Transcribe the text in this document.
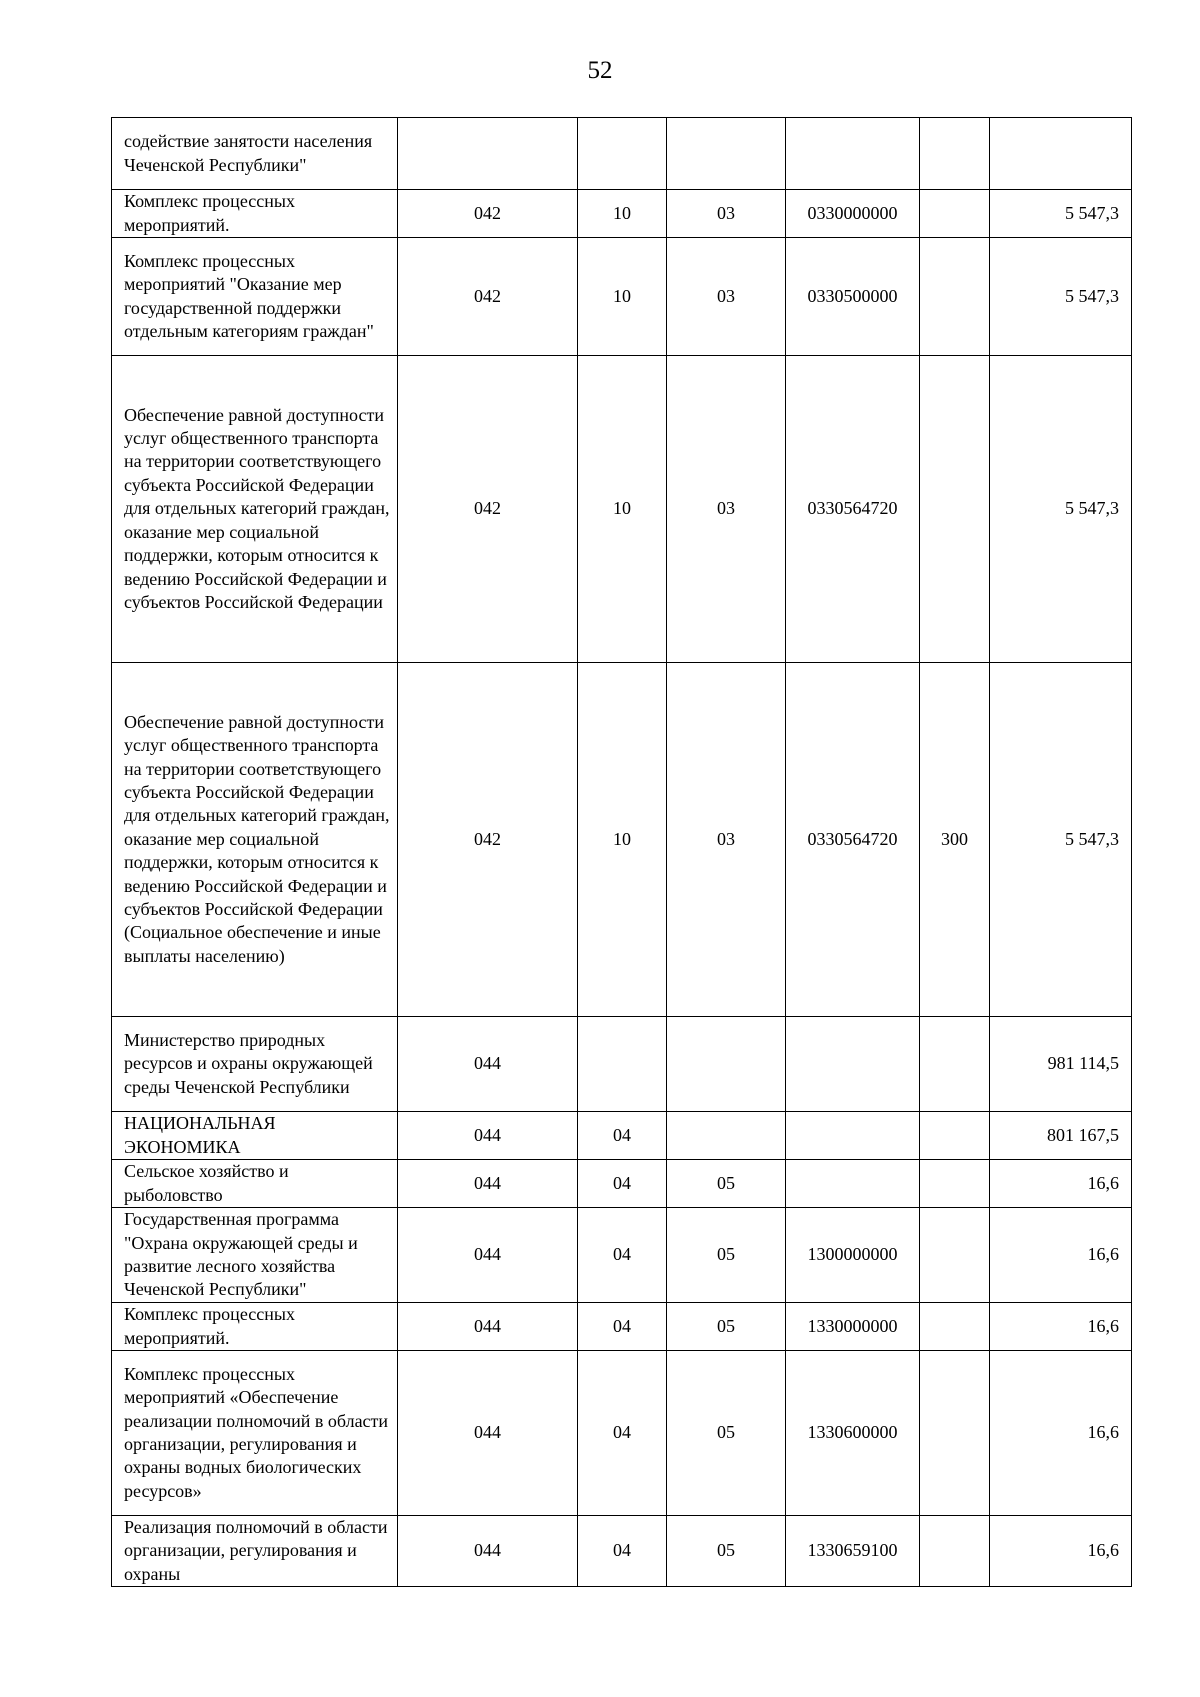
52
содействие занятости населения Чеченской Республики"						
Комплекс процессных мероприятий.	042	10	03	0330000000		5 547,3
Комплекс процессных мероприятий "Оказание мер государственной поддержки отдельным категориям граждан"	042	10	03	0330500000		5 547,3
Обеспечение равной доступности услуг общественного транспорта на территории соответствующего субъекта Российской Федерации для отдельных категорий граждан, оказание мер социальной поддержки, которым относится к ведению Российской Федерации и субъектов Российской Федерации	042	10	03	0330564720		5 547,3
Обеспечение равной доступности услуг общественного транспорта на территории соответствующего субъекта Российской Федерации для отдельных категорий граждан, оказание мер социальной поддержки, которым относится к ведению Российской Федерации и субъектов Российской Федерации (Социальное обеспечение и иные выплаты населению)	042	10	03	0330564720	300	5 547,3
Министерство природных ресурсов и охраны окружающей среды Чеченской Республики	044					981 114,5
НАЦИОНАЛЬНАЯ ЭКОНОМИКА	044	04				801 167,5
Сельское хозяйство и рыболовство	044	04	05			16,6
Государственная программа "Охрана окружающей среды и развитие лесного хозяйства Чеченской Республики"	044	04	05	1300000000		16,6
Комплекс процессных мероприятий.	044	04	05	1330000000		16,6
Комплекс процессных мероприятий «Обеспечение реализации полномочий в области организации, регулирования и охраны водных биологических ресурсов»	044	04	05	1330600000		16,6
Реализация полномочий в области организации, регулирования и охраны	044	04	05	1330659100		16,6
